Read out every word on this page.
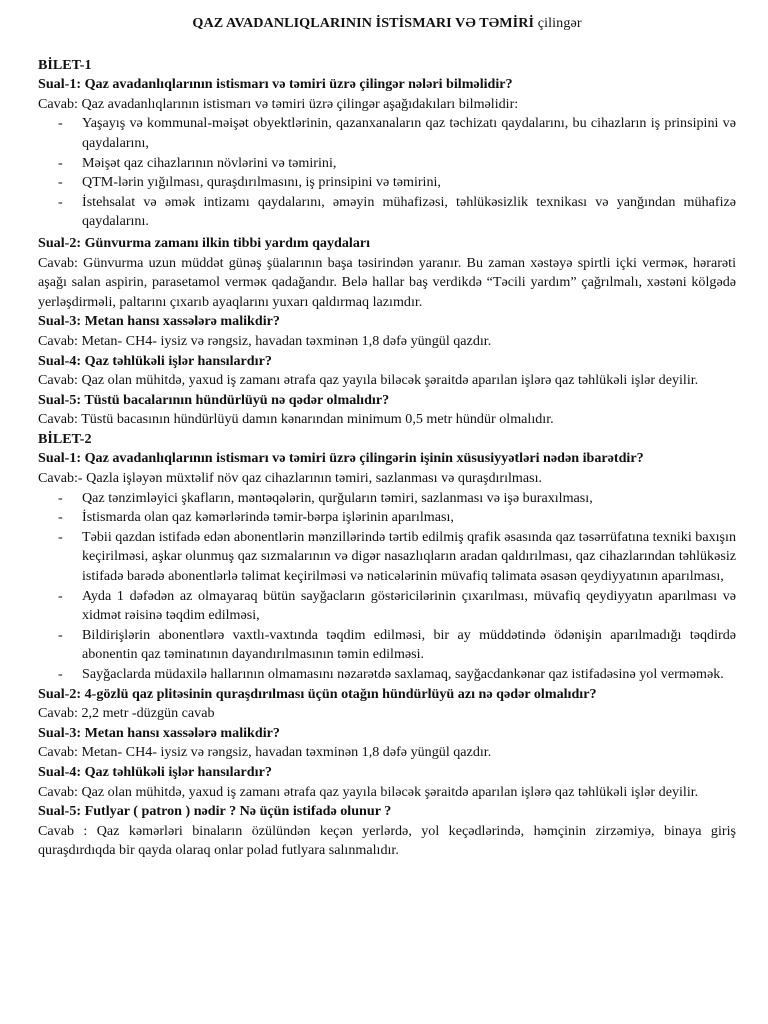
QAZ AVADANLIQLARININ İSTİSMARI VƏ TƏMİRİ çilingər
BİLET-1
Sual-1: Qaz avadanlıqlarının istismarı və təmiri üzrə çilingər nələri bilməlidir?
Cavab: Qaz avadanlıqlarının istismarı və təmiri üzrə çilingər aşağıdakıları bilməlidir:
- Yaşayış və kommunal-məişət obyektlərinin, qazanxanaların qaz təchizatı qaydalarını, bu cihazların iş prinsipini və qaydalarını,
- Məişət qaz cihazlarının növlərini və təmirini,
- QTM-lərin yığılması, quraşdırılmasını, iş prinsipini və təmirini,
- İstehsalat və əmək intizamı qaydalarını, əməyin mühafizəsi, təhlükəsizlik texnikası və yanğından mühafizə qaydalarını.
Sual-2: Günvurma zamanı ilkin tibbi yardım qaydaları
Cavab: Günvurma uzun müddət günəş şüalarının başa təsirindən yaranır. Bu zaman xəstəyə spirtli içki verməк, hərarəti aşağı salan aspirin, parasetamol verməк qadağandır. Belə hallar baş verdikdə “Təcili yardım” çağrılmalı, xəstəni kölgədə yerləşdirməli, paltarını çıxarıb ayaqlarını yuxarı qaldırmaq lazımdır.
Sual-3: Metan hansı xassələrə malikdir?
Cavab: Metan- CH4- iysiz və rəngsiz, havadan təxminən 1,8 dəfə yüngül qazdır.
Sual-4: Qaz təhlükəli işlər hansılardır?
Cavab: Qaz olan mühitdə, yaxud iş zamanı ətrafa qaz yayıla biləcək şəraitdə aparılan işlərə qaz təhlükəli işlər deyilir.
Sual-5: Tüstü bacalarının hündürlüyü nə qədər olmalıdır?
Cavab: Tüstü bacasının hündürlüyü damın kənarından minimum 0,5 metr hündür olmalıdır.
BİLET-2
Sual-1: Qaz avadanlıqlarının istismarı və təmiri üzrə çilingərin işinin xüsusiyyətləri nədən ibarətdir?
Cavab:- Qazla işləyən müxtəlif növ qaz cihazlarının təmiri, sazlanması və quraşdırılması.
- Qaz tənzimləyici şkafların, məntəqələrin, qurğuların təmiri, sazlanması və işə buraxılması,
- İstismarda olan qaz kəmərlərində təmir-bərpa işlərinin aparılması,
- Təbii qazdan istifadə edən abonentlərin mənzillərində tərtib edilmiş qrafik əsasında qaz təsərrüfatına texniki baxışın keçirilməsi, aşkar olunmuş qaz sızmalarının və digər nasazlıqların aradan qaldırılması, qaz cihazlarından təhlükəsiz istifadə barədə abonentlərlə təlimat keçirilməsi və nəticələrinin müvafiq təlimata əsasən qeydiyyatının aparılması,
- Ayda 1 dəfədən az olmayaraq bütün sayğacların göstəricilərinin çıxarılması, müvafiq qeydiyyatın aparılması və xidmət rəisinə təqdim edilməsi,
- Bildirişlərin abonentlərə vaxtlı-vaxtında təqdim edilməsi, bir ay müddətində ödənişin aparılmadığı təqdirdə abonentin qaz təminatının dayandırılmasının təmin edilməsi.
- Sayğaclarda müdaxilə hallarının olmamasını nəzarətdə saxlamaq, sayğacdankənar qaz istifadəsinə yol verməmək.
Sual-2: 4-gözlü qaz plitəsinin quraşdırılması üçün otağın hündürlüyü azı nə qədər olmalıdır?
Cavab: 2,2 metr -düzgün cavab
Sual-3: Metan hansı xassələrə malikdir?
Cavab: Metan- CH4- iysiz və rəngsiz, havadan təxminən 1,8 dəfə yüngül qazdır.
Sual-4: Qaz təhlükəli işlər hansılardır?
Cavab: Qaz olan mühitdə, yaxud iş zamanı ətrafa qaz yayıla biləcək şəraitdə aparılan işlərə qaz təhlükəli işlər deyilir.
Sual-5: Futlyar ( patron ) nədir ? Nə üçün istifadə olunur ?
Cavab : Qaz kəmərləri binaların özülündən keçən yerlərdə, yol keçədlərində, həmçinin zirzəmiyə, binaya giriş quraşdırdıqda bir qayda olaraq onlar polad futlyara salınmalıdır.
